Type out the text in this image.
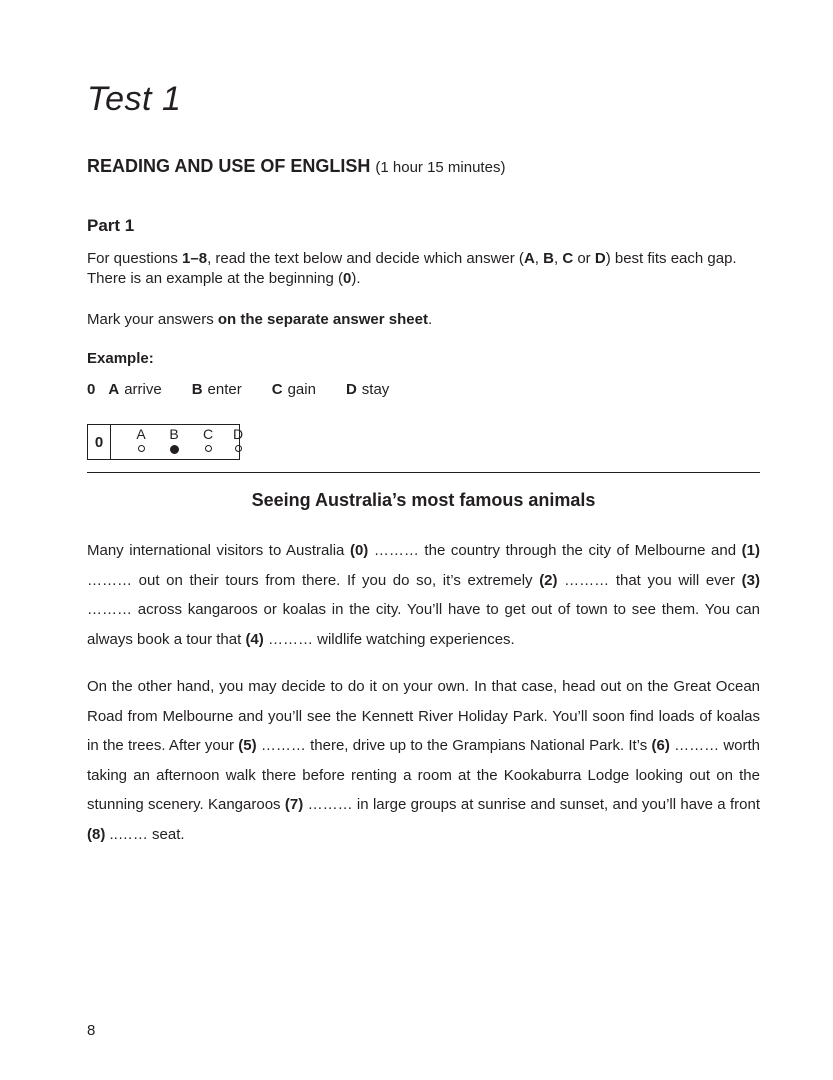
Test 1
READING AND USE OF ENGLISH (1 hour 15 minutes)
Part 1

For questions 1–8, read the text below and decide which answer (A, B, C or D) best fits each gap. There is an example at the beginning (0).

Mark your answers on the separate answer sheet.

Example:

0 A arrive B enter C gain D stay
0	A B C D
Seeing Australia’s most famous animals

Many international visitors to Australia (0) ……… the country through the city of Melbourne and (1) ……… out on their tours from there. If you do so, it’s extremely (2) ……… that you will ever (3) ……… across kangaroos or koalas in the city. You’ll have to get out of town to see them. You can always book a tour that (4) ……… wildlife watching experiences.

On the other hand, you may decide to do it on your own. In that case, head out on the Great Ocean Road from Melbourne and you’ll see the Kennett River Holiday Park. You’ll soon find loads of koalas in the trees. After your (5) ……… there, drive up to the Grampians National Park. It’s (6) ……… worth taking an afternoon walk there before renting a room at the Kookaburra Lodge looking out on the stunning scenery. Kangaroos (7) ……… in large groups at sunrise and sunset, and you’ll have a front (8) ..…… seat.

8
